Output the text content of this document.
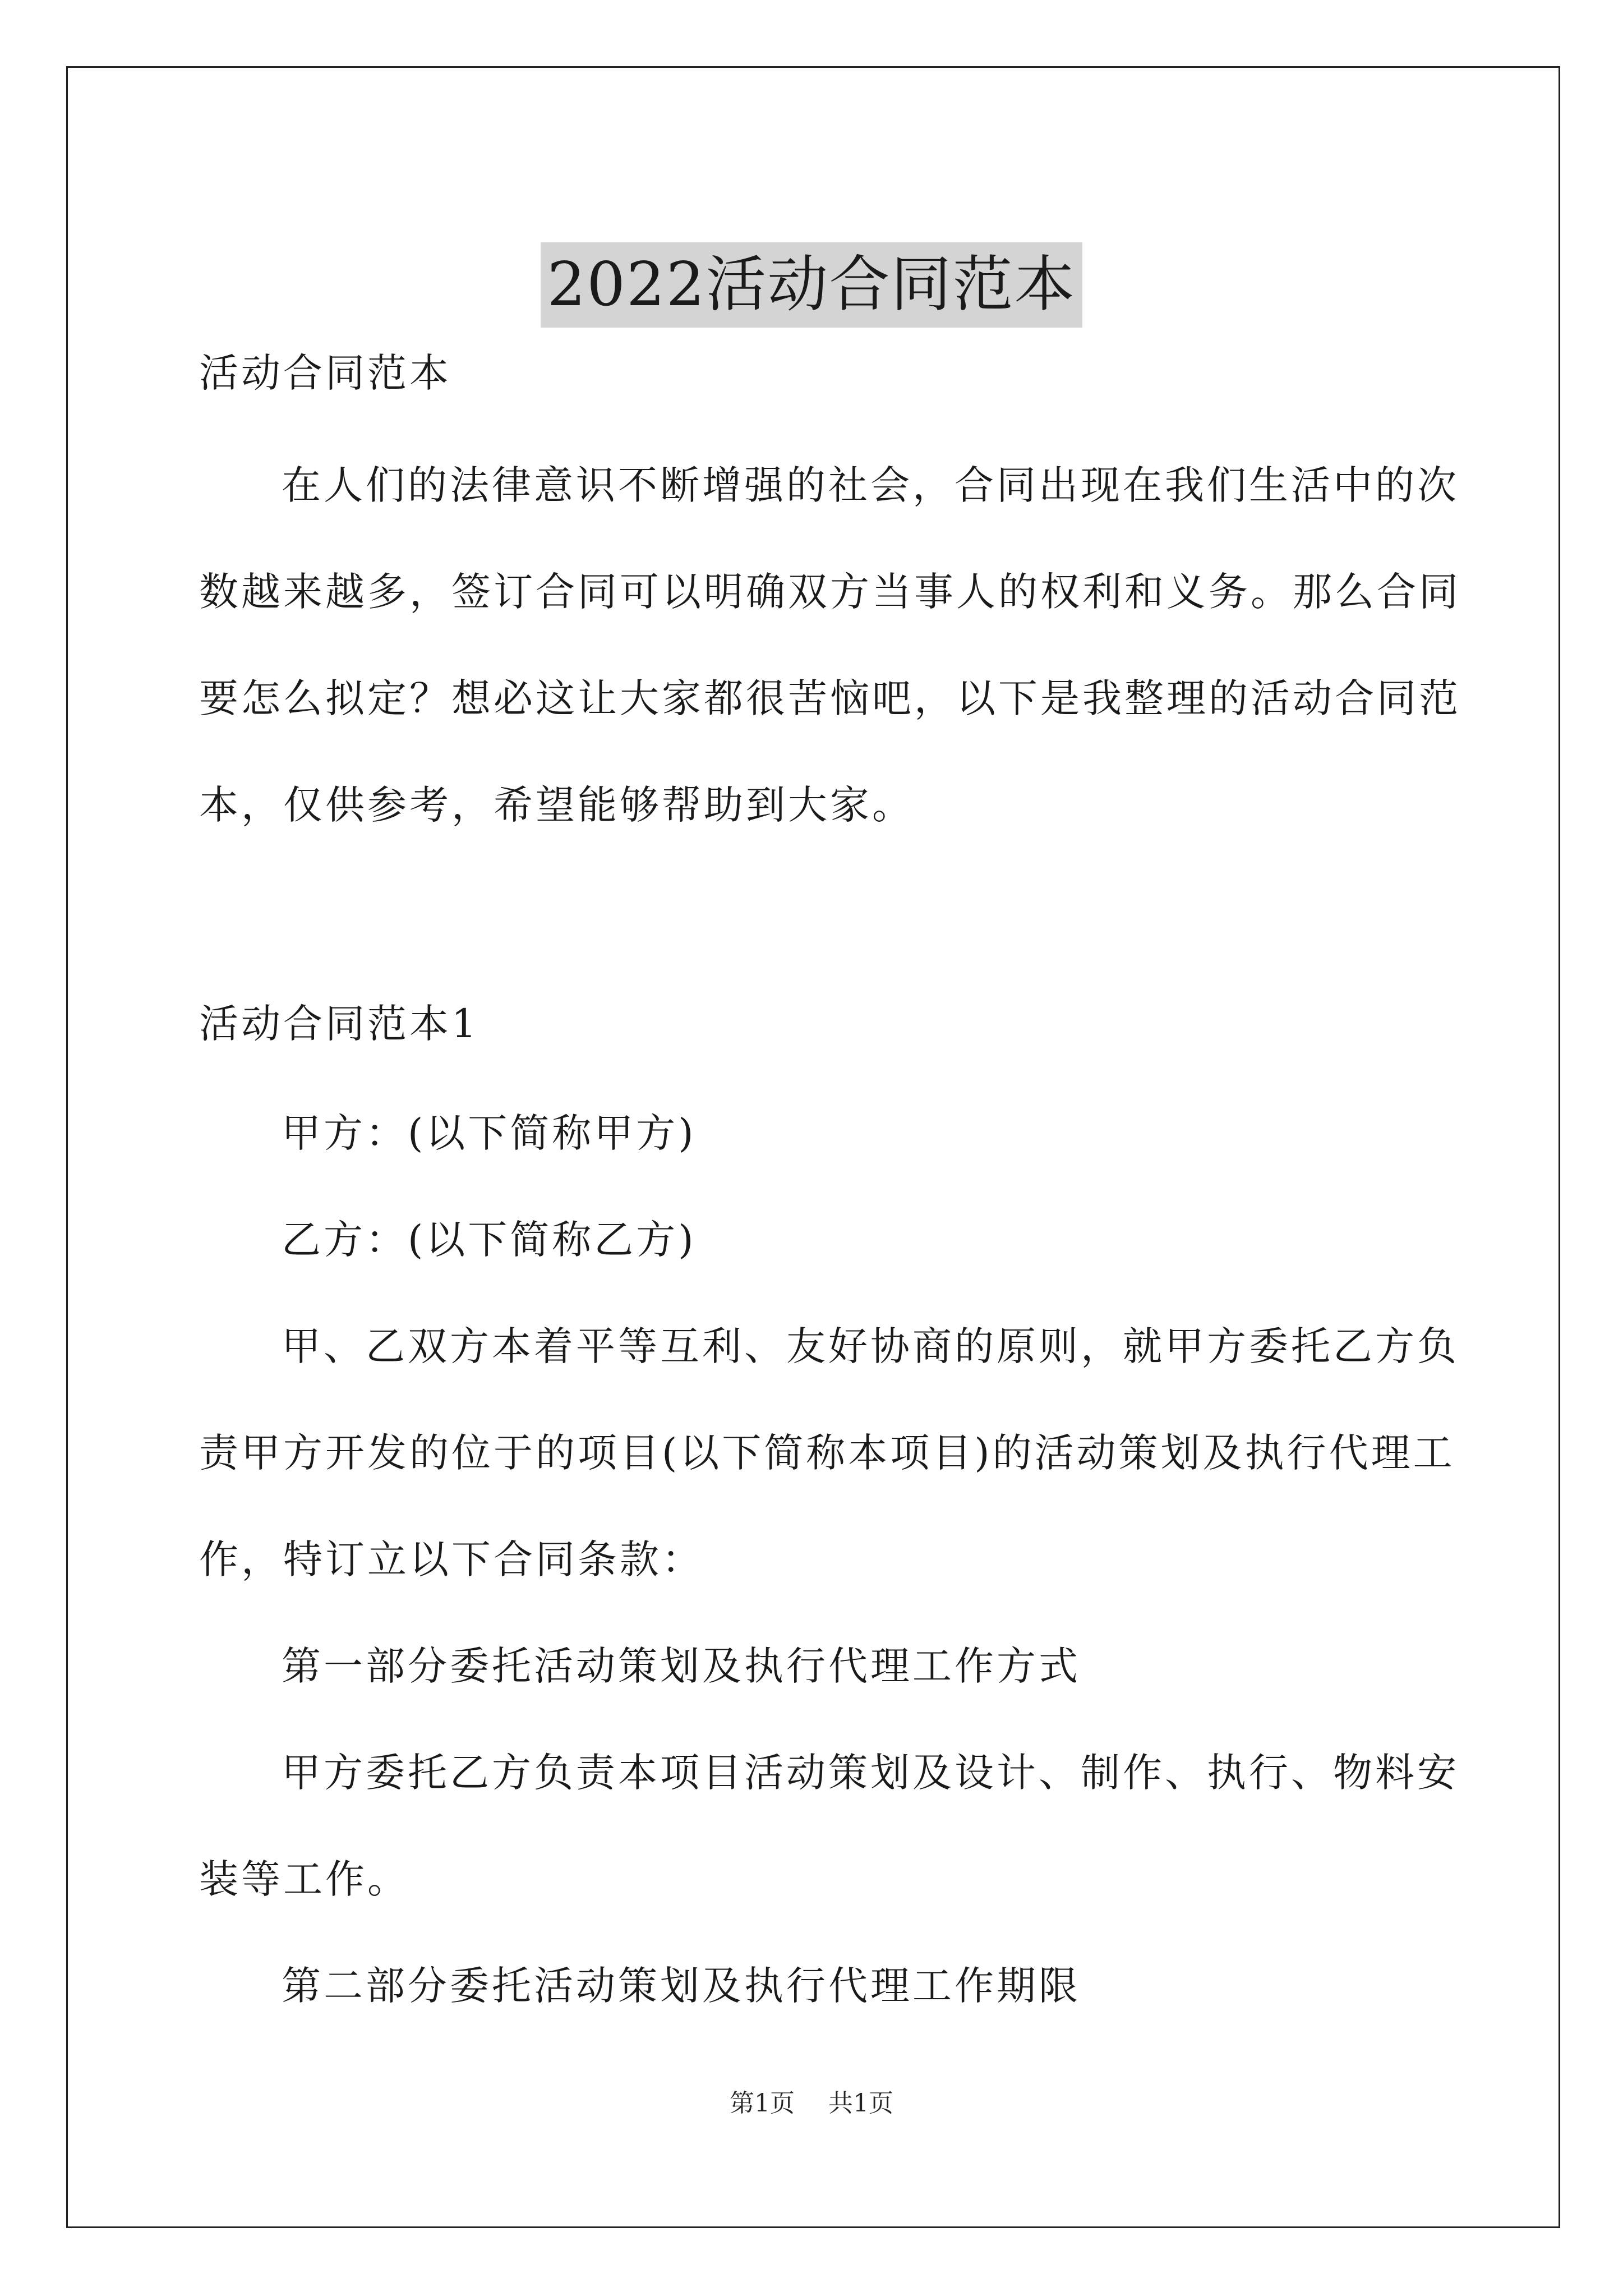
2022活动合同范本
活动合同范本
在人们的法律意识不断增强的社会，合同出现在我们生活中的次
数越来越多，签订合同可以明确双方当事人的权利和义务。那么合同
要怎么拟定？想必这让大家都很苦恼吧，以下是我整理的活动合同范
本，仅供参考，希望能够帮助到大家。
活动合同范本1
甲方：(以下简称甲方)
乙方：(以下简称乙方)
甲、乙双方本着平等互利、友好协商的原则，就甲方委托乙方负
责甲方开发的位于的项目(以下简称本项目)的活动策划及执行代理工
作，特订立以下合同条款：
第一部分委托活动策划及执行代理工作方式
甲方委托乙方负责本项目活动策划及设计、制作、执行、物料安
装等工作。
第二部分委托活动策划及执行代理工作期限
第1页 共1页
